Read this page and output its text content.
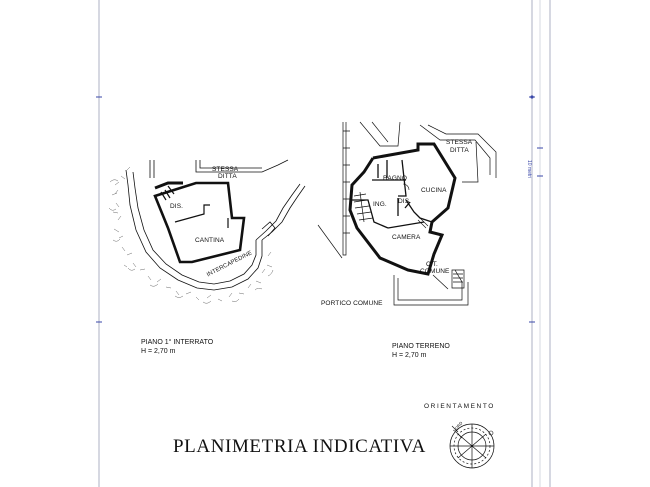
DIS.
CANTINA
STESSA
DITTA
INTERCAPEDINE
BAGNO
CUCINA
ING. DIS.
CAMERA
STESSA
DITTA
C.T.
COMUNE
PORTICO COMUNE
PIANO 1° INTERRATO
H = 2,70 m
PIANO TERRENO
H = 2,70 m
ORIENTAMENTO
NORD
10 metri
PLANIMETRIA INDICATIVA
